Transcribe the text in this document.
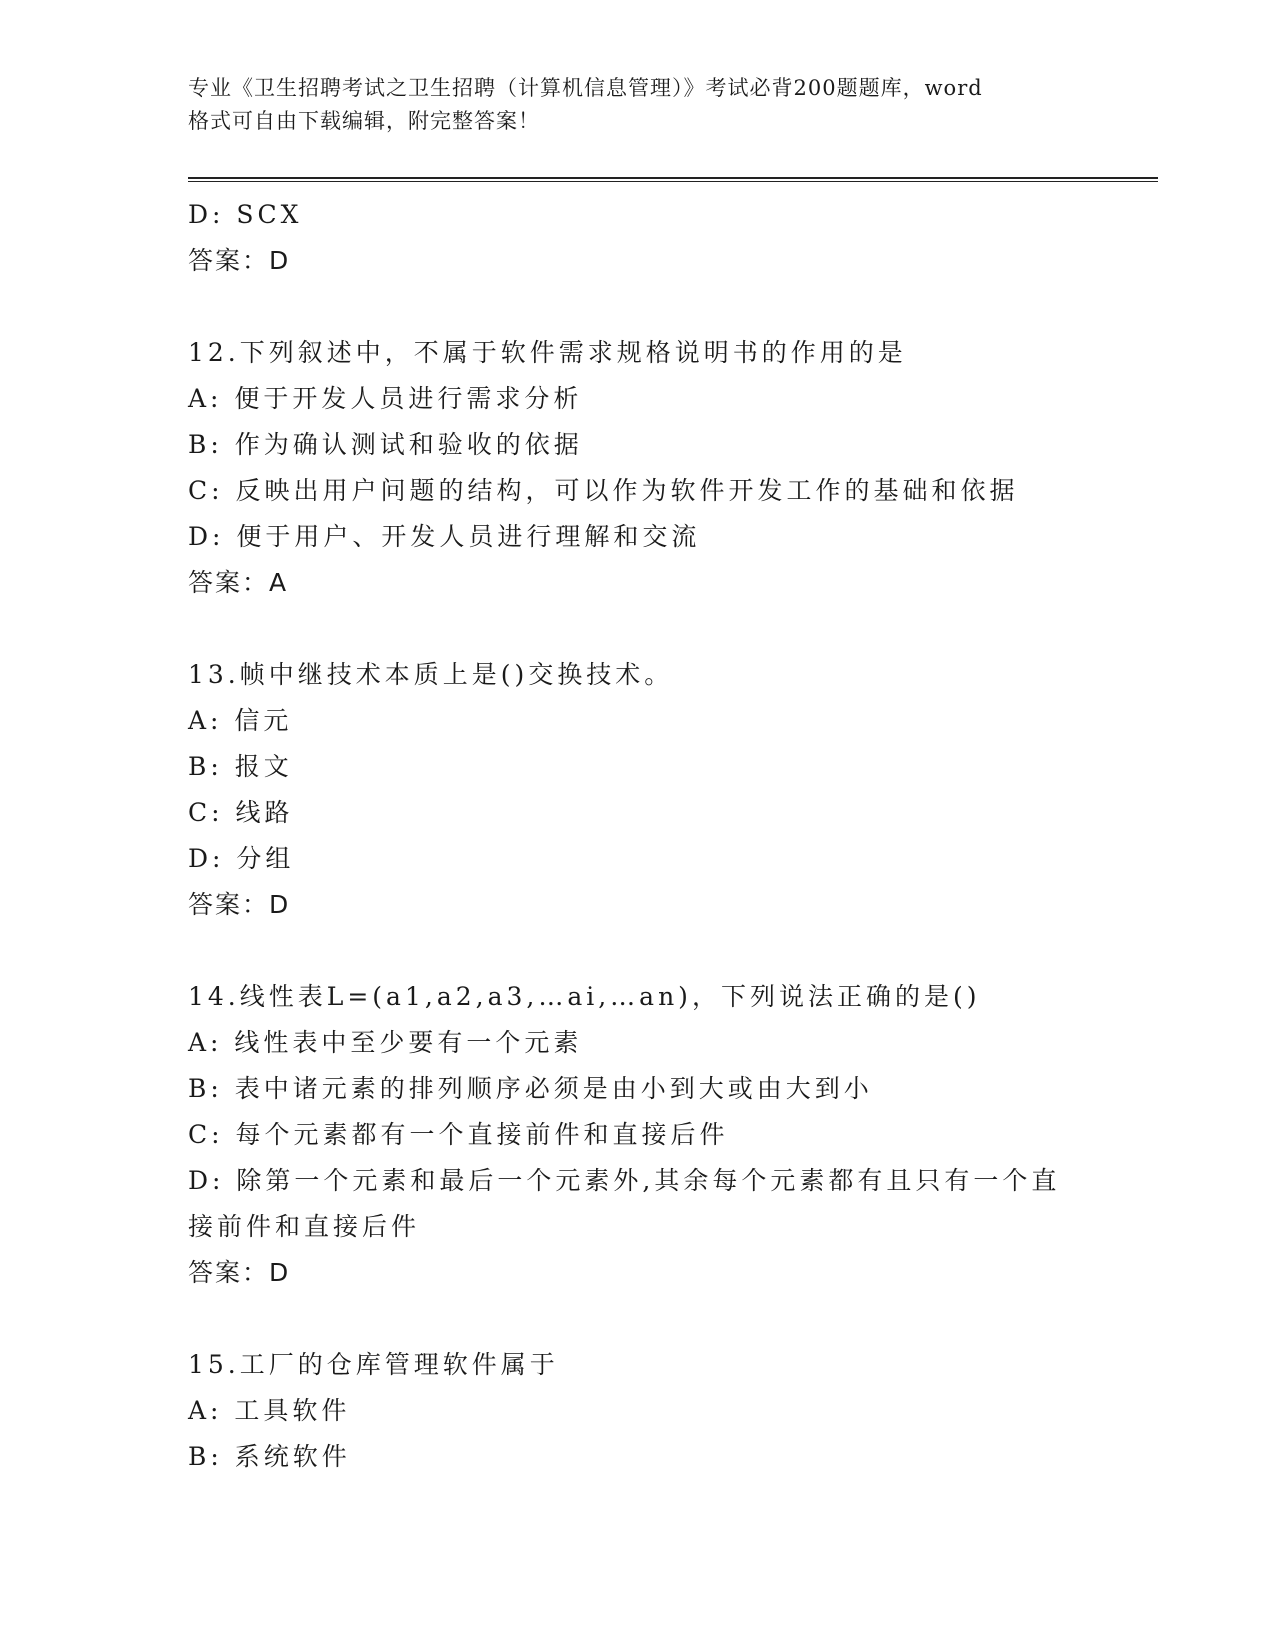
专业《卫生招聘考试之卫生招聘（计算机信息管理）》考试必背200题题库，word
格式可自由下载编辑，附完整答案！
D: SCX
答案：D
12.下列叙述中，不属于软件需求规格说明书的作用的是
A: 便于开发人员进行需求分析
B: 作为确认测试和验收的依据
C: 反映出用户问题的结构，可以作为软件开发工作的基础和依据
D: 便于用户、开发人员进行理解和交流
答案：A
13.帧中继技术本质上是()交换技术。
A: 信元
B: 报文
C: 线路
D: 分组
答案：D
14.线性表L=(a1,a2,a3,…ai,…an)，下列说法正确的是()
A: 线性表中至少要有一个元素
B: 表中诸元素的排列顺序必须是由小到大或由大到小
C: 每个元素都有一个直接前件和直接后件
D: 除第一个元素和最后一个元素外,其余每个元素都有且只有一个直
接前件和直接后件
答案：D
15.工厂的仓库管理软件属于
A: 工具软件
B: 系统软件
